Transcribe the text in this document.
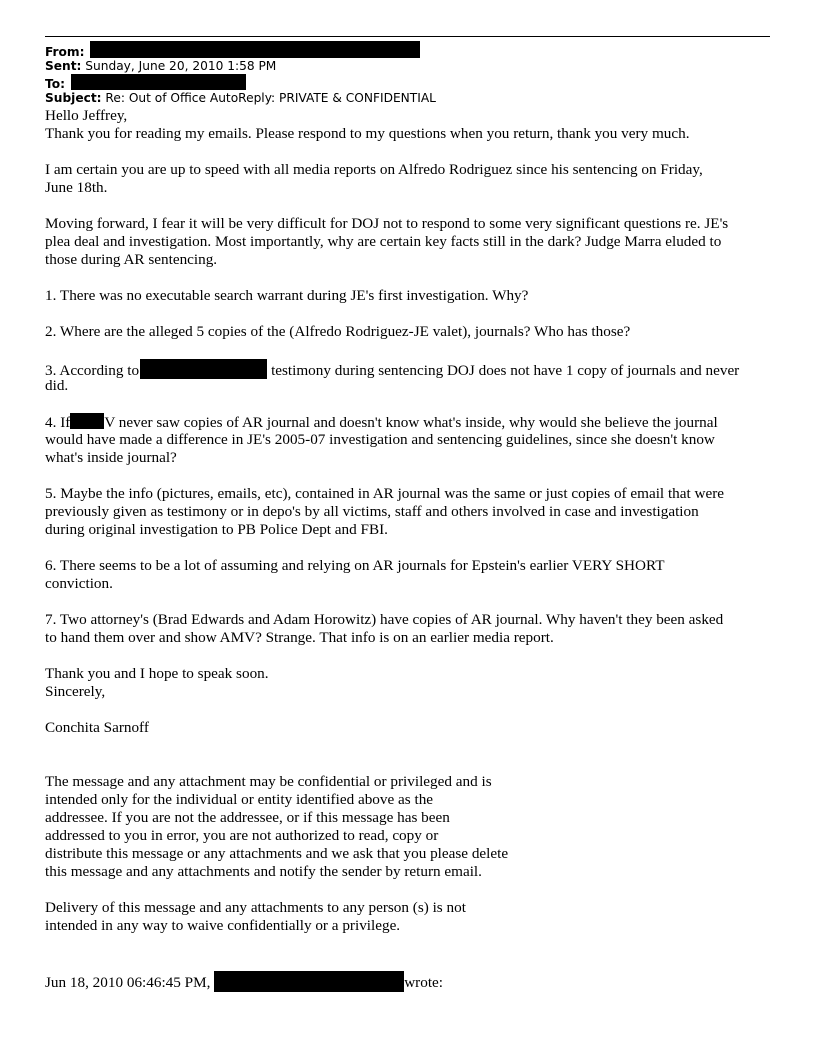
From:
Sent: Sunday, June 20, 2010 1:58 PM
To:
Subject: Re: Out of Office AutoReply: PRIVATE & CONFIDENTIAL
Hello Jeffrey,
Thank you for reading my emails. Please respond to my questions when you return, thank you very much.
I am certain you are up to speed with all media reports on Alfredo Rodriguez since his sentencing on Friday,
June 18th.
Moving forward, I fear it will be very difficult for DOJ not to respond to some very significant questions re. JE's
plea deal and investigation. Most importantly, why are certain key facts still in the dark? Judge Marra eluded to
those during AR sentencing.
1. There was no executable search warrant during JE's first investigation. Why?
2. Where are the alleged 5 copies of the (Alfredo Rodriguez-JE valet), journals? Who has those?
3. According to	testimony during sentencing DOJ does not have 1 copy of journals and never
did.
4. If V never saw copies of AR journal and doesn't know what's inside, why would she believe the journal
would have made a difference in JE's 2005-07 investigation and sentencing guidelines, since she doesn't know
what's inside journal?
5. Maybe the info (pictures, emails, etc), contained in AR journal was the same or just copies of email that were
previously given as testimony or in depo's by all victims, staff and others involved in case and investigation
during original investigation to PB Police Dept and FBI.
6. There seems to be a lot of assuming and relying on AR journals for Epstein's earlier VERY SHORT
conviction.
7. Two attorney's (Brad Edwards and Adam Horowitz) have copies of AR journal. Why haven't they been asked
to hand them over and show AMV? Strange. That info is on an earlier media report.
Thank you and I hope to speak soon.
Sincerely,
Conchita Sarnoff
The message and any attachment may be confidential or privileged and is
intended only for the individual or entity identified above as the
addressee. If you are not the addressee, or if this message has been
addressed to you in error, you are not authorized to read, copy or
distribute this message or any attachments and we ask that you please delete
this message and any attachments and notify the sender by return email.
Delivery of this message and any attachments to any person (s) is not
intended in any way to waive confidentially or a privilege.
Jun 18, 2010 06:46:45 PM,	wrote:
